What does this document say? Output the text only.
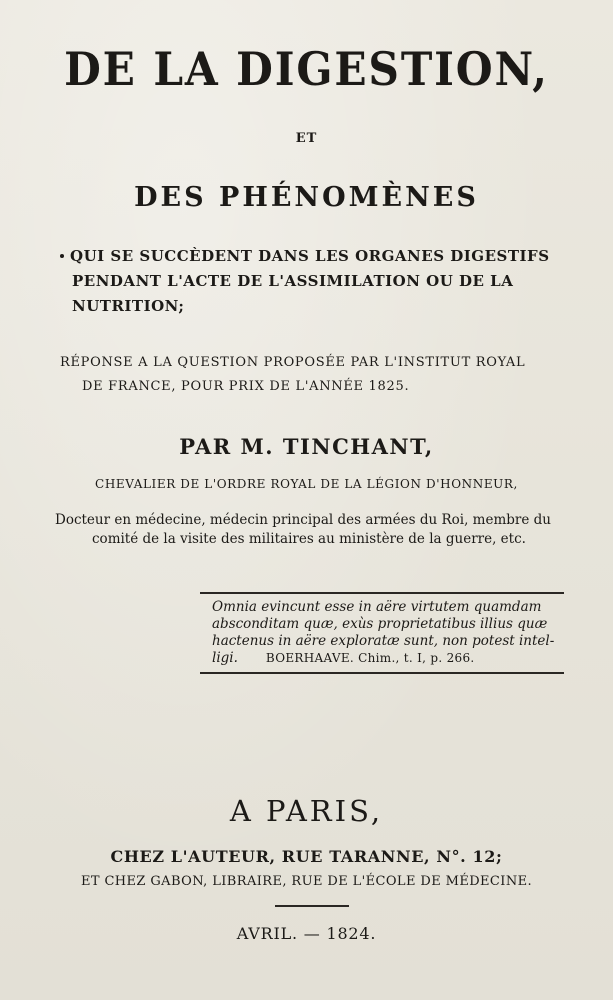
DE LA DIGESTION,
ET
DES PHÉNOMÈNES
QUI SE SUCCÈDENT DANS LES ORGANES DIGESTIFS
PENDANT L'ACTE DE L'ASSIMILATION OU DE LA
NUTRITION;
RÉPONSE A LA QUESTION PROPOSÉE PAR L'INSTITUT ROYAL
DE FRANCE, POUR PRIX DE L'ANNÉE 1825.
PAR M. TINCHANT,
CHEVALIER DE L'ORDRE ROYAL DE LA LÉGION D'HONNEUR,
Docteur en médecine, médecin principal des armées du Roi, membre du
comité de la visite des militaires au ministère de la guerre, etc.
Omnia evincunt esse in aëre virtutem quamdam
absconditam quæ, exùs proprietatibus illius quæ
hactenus in aëre exploratæ sunt, non potest intel-
ligi. BOERHAAVE. Chim., t. I, p. 266.
A PARIS,
CHEZ L'AUTEUR, RUE TARANNE, N°. 12;
ET CHEZ GABON, LIBRAIRE, RUE DE L'ÉCOLE DE MÉDECINE.
AVRIL. — 1824.
